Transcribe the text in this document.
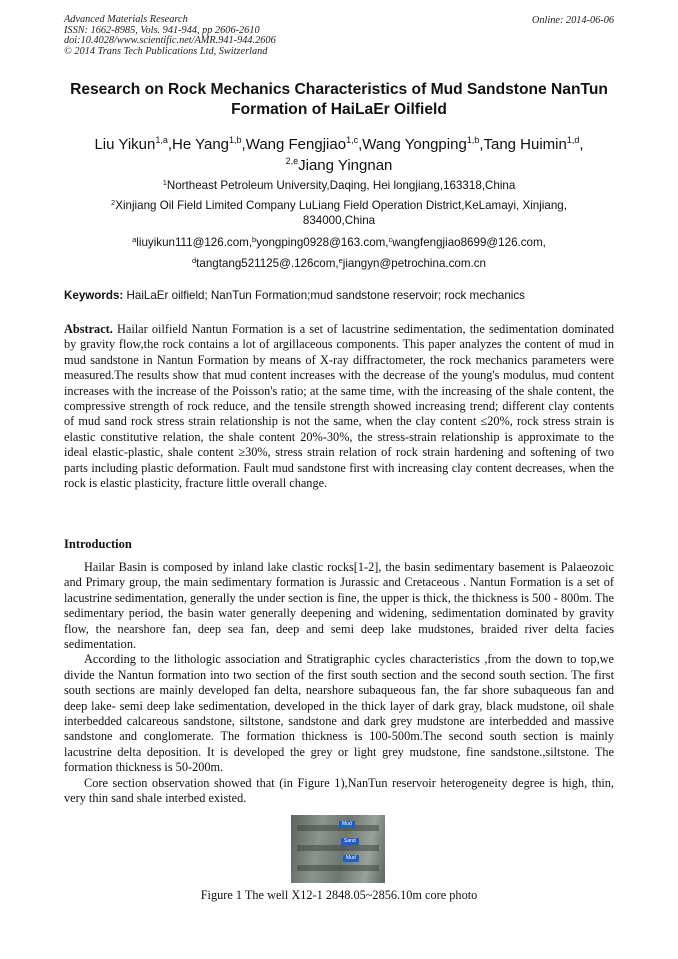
Advanced Materials Research
ISSN: 1662-8985, Vols. 941-944, pp 2606-2610
doi:10.4028/www.scientific.net/AMR.941-944.2606
© 2014 Trans Tech Publications Ltd, Switzerland
Online: 2014-06-06
Research on Rock Mechanics Characteristics of Mud Sandstone NanTun Formation of HaiLaEr Oilfield
Liu Yikun$^{1,a}$,He Yang$^{1,b}$,Wang Fengjiao$^{1,c}$,Wang Yongping$^{1,b}$,Tang Huimin$^{1,d}$,
$^{2,e}$Jiang Yingnan
$^1$Northeast Petroleum University,Daqing, Hei longjiang,163318,China
$^2$Xinjiang Oil Field Limited Company LuLiang Field Operation District,KeLamayi, Xinjiang, 834000,China
$^a$liuyikun111@126.com,$^b$yongping0928@163.com,$^c$wangfengjiao8699@126.com,
$^d$tangtang521125@.126com,$^e$jiangyn@petrochina.com.cn
Keywords: HaiLaEr oilfield; NanTun Formation;mud sandstone reservoir; rock mechanics

Abstract. Hailar oilfield Nantun Formation is a set of lacustrine sedimentation, the sedimentation dominated by gravity flow,the rock contains a lot of argillaceous components. This paper analyzes the content of mud in mud sandstone in Nantun Formation by means of X-ray diffractometer, the rock mechanics parameters were measured.The results show that mud content increases with the decrease of the young's modulus, mud content increases with the increase of the Poisson's ratio; at the same time, with the increasing of the shale content, the compressive strength of rock reduce, and the tensile strength showed increasing trend; different clay contents of mud sand rock stress strain relationship is not the same, when the clay content ≤20%, rock stress strain is elastic constitutive relation, the shale content 20%-30%, the stress-strain relationship is approximate to the ideal elastic-plastic, shale content ≥30%, stress strain relation of rock strain hardening and softening of two parts including plastic deformation. Fault mud sandstone first with increasing clay content decreases, when the rock is elastic plasticity, fracture little overall change.

Introduction

Hailar Basin is composed by inland lake clastic rocks[1-2], the basin sedimentary basement is Palaeozoic and Primary group, the main sedimentary formation is Jurassic and Cretaceous . Nantun Formation is a set of lacustrine sedimentation, generally the under section is fine, the upper is thick, the thickness is 500 - 800m. The sedimentary period, the basin water generally deepening and widening, sedimentation dominated by gravity flow, the nearshore fan, deep sea fan, deep and semi deep lake mudstones, braided river delta facies sedimentation.

According to the lithologic association and Stratigraphic cycles characteristics ,from the down to top,we divide the Nantun formation into two section of the first south section and the second south section. The first south sections are mainly developed fan delta, nearshore subaqueous fan, the far shore subaqueous fan and deep lake- semi deep lake sedimentation, developed in the thick layer of dark gray, black mudstone, oil shale interbedded calcareous sandstone, siltstone, sandstone and dark grey mudstone are interbedded and massive sandstone and conglomerate. The formation thickness is 100-500m.The second south section is mainly lacustrine delta deposition. It is developed the grey or light grey mudstone, fine sandstone.,siltstone. The formation thickness is 50-200m.

Core section observation showed that (in Figure 1),NanTun reservoir heterogeneity degree is high, thin, very thin sand shale interbed existed.

Mud
Sand
Mud
Figure 1 The well X12-1 2848.05~2856.10m core photo
